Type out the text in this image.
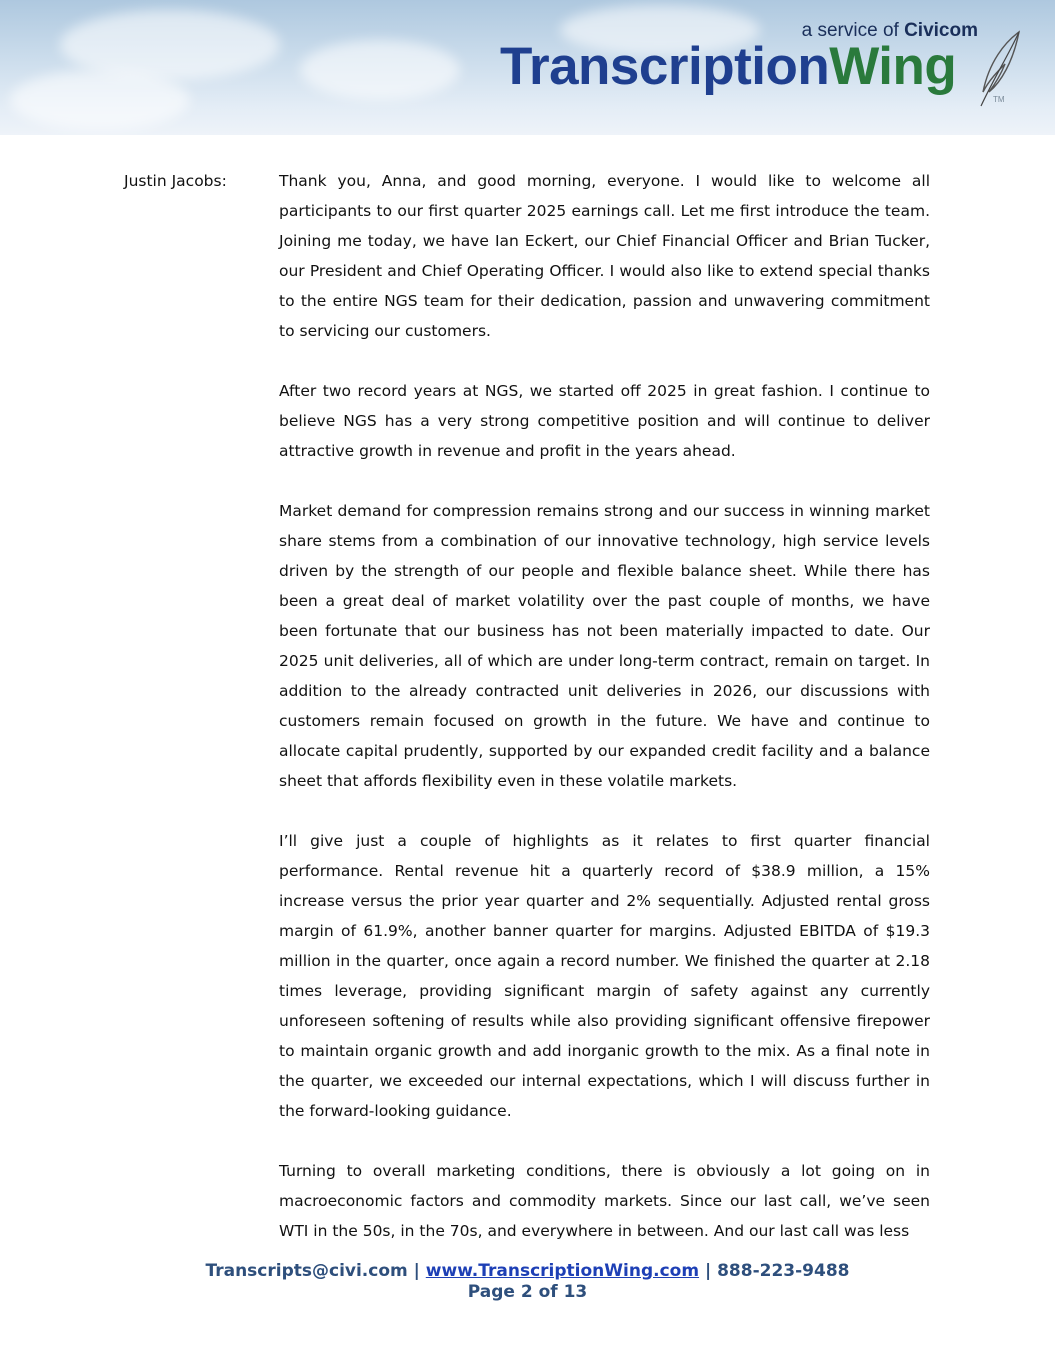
a service of Civicom
TranscriptionWing
TM
Justin Jacobs:	Thank you, Anna, and good morning, everyone. I would like to welcome all participants to our first quarter 2025 earnings call. Let me first introduce the team. Joining me today, we have Ian Eckert, our Chief Financial Officer and Brian Tucker, our President and Chief Operating Officer. I would also like to extend special thanks to the entire NGS team for their dedication, passion and unwavering commitment to servicing our customers.

After two record years at NGS, we started off 2025 in great fashion. I continue to believe NGS has a very strong competitive position and will continue to deliver attractive growth in revenue and profit in the years ahead.

Market demand for compression remains strong and our success in winning market share stems from a combination of our innovative technology, high service levels driven by the strength of our people and flexible balance sheet. While there has been a great deal of market volatility over the past couple of months, we have been fortunate that our business has not been materially impacted to date. Our 2025 unit deliveries, all of which are under long-term contract, remain on target. In addition to the already contracted unit deliveries in 2026, our discussions with customers remain focused on growth in the future. We have and continue to allocate capital prudently, supported by our expanded credit facility and a balance sheet that affords flexibility even in these volatile markets.

I’ll give just a couple of highlights as it relates to first quarter financial performance. Rental revenue hit a quarterly record of $38.9 million, a 15% increase versus the prior year quarter and 2% sequentially. Adjusted rental gross margin of 61.9%, another banner quarter for margins. Adjusted EBITDA of $19.3 million in the quarter, once again a record number. We finished the quarter at 2.18 times leverage, providing significant margin of safety against any currently unforeseen softening of results while also providing significant offensive firepower to maintain organic growth and add inorganic growth to the mix. As a final note in the quarter, we exceeded our internal expectations, which I will discuss further in the forward-looking guidance.

Turning to overall marketing conditions, there is obviously a lot going on in macroeconomic factors and commodity markets. Since our last call, we’ve seen WTI in the 50s, in the 70s, and everywhere in between. And our last call was less

Transcripts@civi.com | www.TranscriptionWing.com | 888-223-9488
Page 2 of 13
